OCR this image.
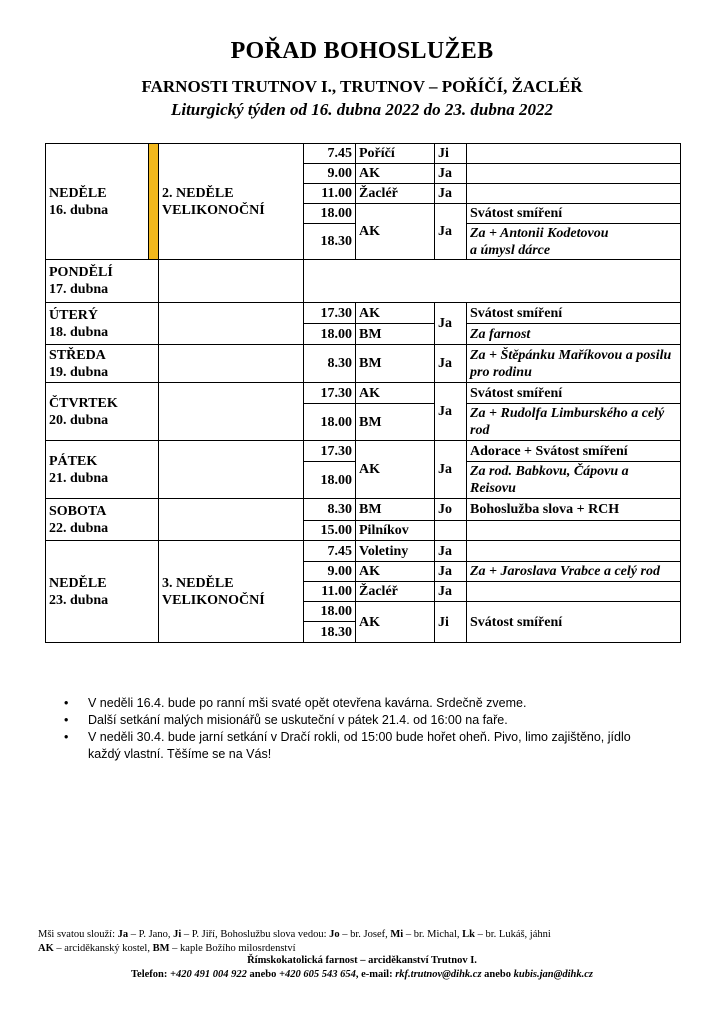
POŘAD BOHOSLUŽEB
FARNOSTI TRUTNOV I., TRUTNOV – POŘÍČÍ, ŽACLÉŘ
Liturgický týden od 16. dubna 2022 do 23. dubna 2022
NEDĚLE
16. dubna		2. NEDĚLE
VELIKONOČNÍ	7.45	Poříčí	Ji	
			9.00	AK	Ja	
			11.00	Žacléř	Ja	
			18.00	AK	Ja	Svátost smíření
			18.30			Za + Antonii Kodetovou
a úmysl dárce

PONDĚLÍ
17. dubna						

ÚTERÝ
18. dubna			17.30	AK	Ja	Svátost smíření
			18.00	BM		Za farnost

STŘEDA
19. dubna			8.30	BM	Ja	Za + Štěpánku Maříkovou a posilu
pro rodinu

ČTVRTEK
20. dubna			17.30	AK	Ja	Svátost smíření
			18.00	BM		Za + Rudolfa Limburského a celý
rod

PÁTEK
21. dubna			17.30	AK	Ja	Adorace + Svátost smíření
			18.00			Za rod. Babkovu, Čápovu a
Reisovu

SOBOTA
22. dubna			8.30	BM	Jo	Bohoslužba slova + RCH
			15.00	Pilníkov		

NEDĚLE
23. dubna		3. NEDĚLE
VELIKONOČNÍ	7.45	Voletiny	Ja	
			9.00	AK	Ja	Za + Jaroslava Vrabce a celý rod
			11.00	Žacléř	Ja	
			18.00	AK	Ji	Svátost smíření
			18.30			
• V neděli 16.4. bude po ranní mši svaté opět otevřena kavárna. Srdečně zveme.
• Další setkání malých misionářů se uskuteční v pátek 21.4. od 16:00 na faře.
• V neděli 30.4. bude jarní setkání v Dračí rokli, od 15:00 bude hořet oheň. Pivo, limo zajištěno, jídlo
každý vlastní. Těšíme se na Vás!
Mši svatou slouží: Ja – P. Jano, Ji – P. Jiří, Bohoslužbu slova vedou: Jo – br. Josef, Mi – br. Michal, Lk – br. Lukáš, jáhni
AK – arciděkanský kostel, BM – kaple Božího milosrdenství
Římskokatolická farnost – arciděkanství Trutnov I.
Telefon: +420 491 004 922 anebo +420 605 543 654, e-mail: rkf.trutnov@dihk.cz anebo kubis.jan@dihk.cz
